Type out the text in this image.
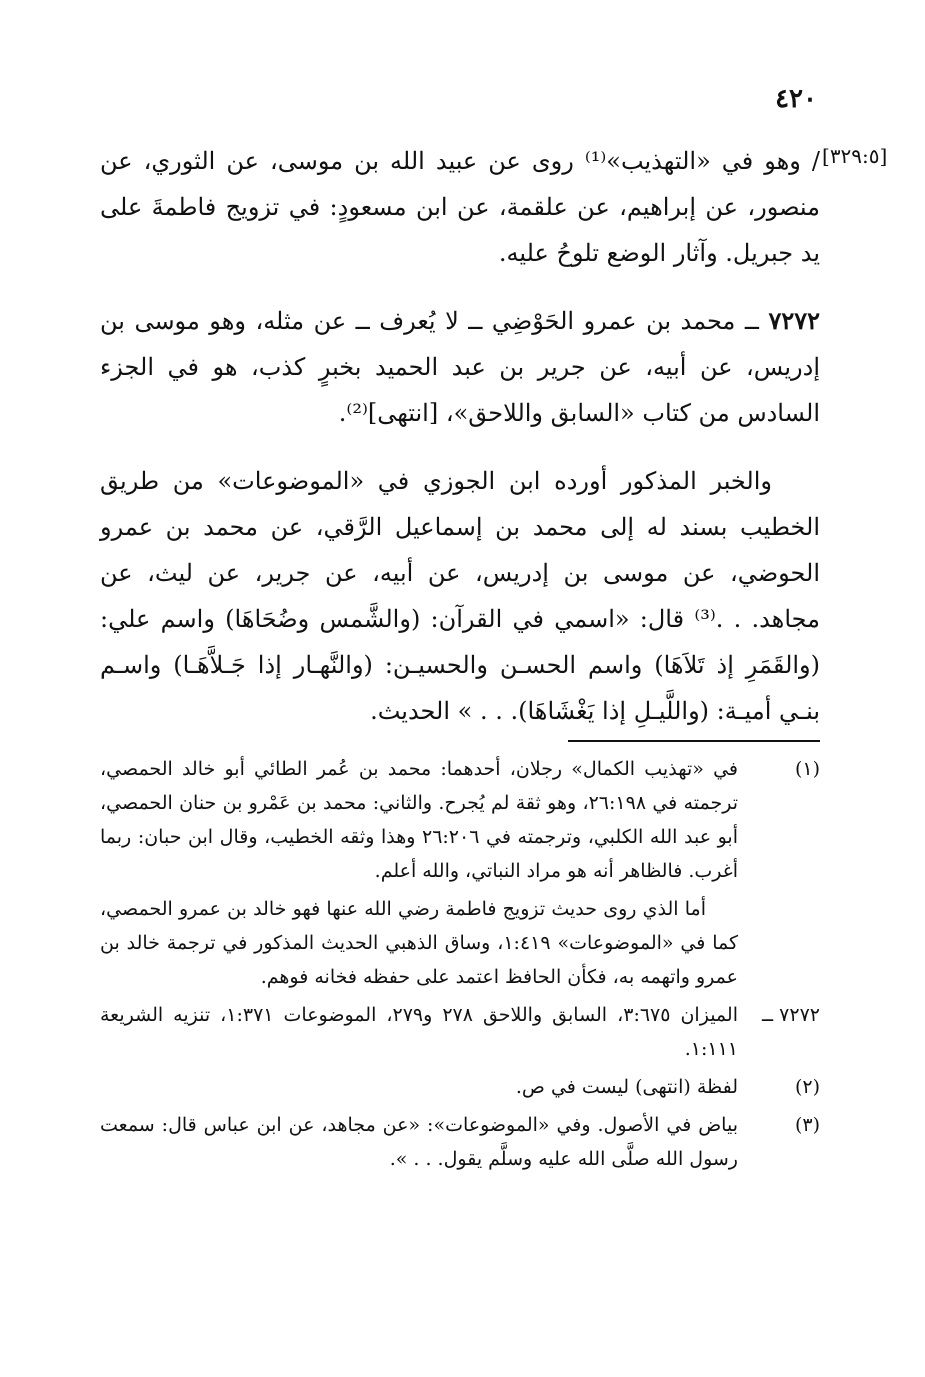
٤٢٠
[٣٢٩:٥]

/ وهو في «التهذيب»⁽¹⁾ روى عن عبيد الله بن موسى، عن الثوري، عن منصور، عن إبراهيم، عن علقمة، عن ابن مسعودٍ: في تزويج فاطمةَ على يد جبريل. وآثار الوضع تلوحُ عليه.

٧٢٧٢ ــ محمد بن عمرو الحَوْضِي ــ لا يُعرف ــ عن مثله، وهو موسى بن إدريس، عن أبيه، عن جرير بن عبد الحميد بخبرٍ كذب، هو في الجزء السادس من كتاب «السابق واللاحق»، [انتهى]⁽²⁾.

والخبر المذكور أورده ابن الجوزي في «الموضوعات» من طريق الخطيب بسند له إلى محمد بن إسماعيل الرَّقي، عن محمد بن عمرو الحوضي، عن موسى بن إدريس، عن أبيه، عن جرير، عن ليث، عن مجاهد. . .⁽³⁾ قال: «اسمي في القرآن: (والشَّمس وضُحَاهَا) واسم علي: (والقَمَرِ إذ تَلاَهَا) واسم الحسـن والحسيـن: (والنَّهـار إذا جَـلاَّهَـا) واسـم بنـي أميـة: (واللَّيـلِ إذا يَغْشَاهَا). . . » الحديث.

(١)

في «تهذيب الكمال» رجلان، أحدهما: محمد بن عُمر الطائي أبو خالد الحمصي، ترجمته في ٢٦:١٩٨، وهو ثقة لم يُجرح. والثاني: محمد بن عَمْرو بن حنان الحمصي، أبو عبد الله الكلبي، وترجمته في ٢٦:٢٠٦ وهذا وثقه الخطيب، وقال ابن حبان: ربما أغرب. فالظاهر أنه هو مراد النباتي، والله أعلم.

أما الذي روى حديث تزويج فاطمة رضي الله عنها فهو خالد بن عمرو الحمصي، كما في «الموضوعات» ١:٤١٩، وساق الذهبي الحديث المذكور في ترجمة خالد بن عمرو واتهمه به، فكأن الحافظ اعتمد على حفظه فخانه فوهم.

٧٢٧٢ ــ

الميزان ٣:٦٧٥، السابق واللاحق ٢٧٨ و٢٧٩، الموضوعات ١:٣٧١، تنزيه الشريعة ١:١١١.

(٢)

لفظة (انتهى) ليست في ص.

(٣)

بياض في الأصول. وفي «الموضوعات»: «عن مجاهد، عن ابن عباس قال: سمعت رسول الله صلَّى الله عليه وسلَّم يقول. . . ».
